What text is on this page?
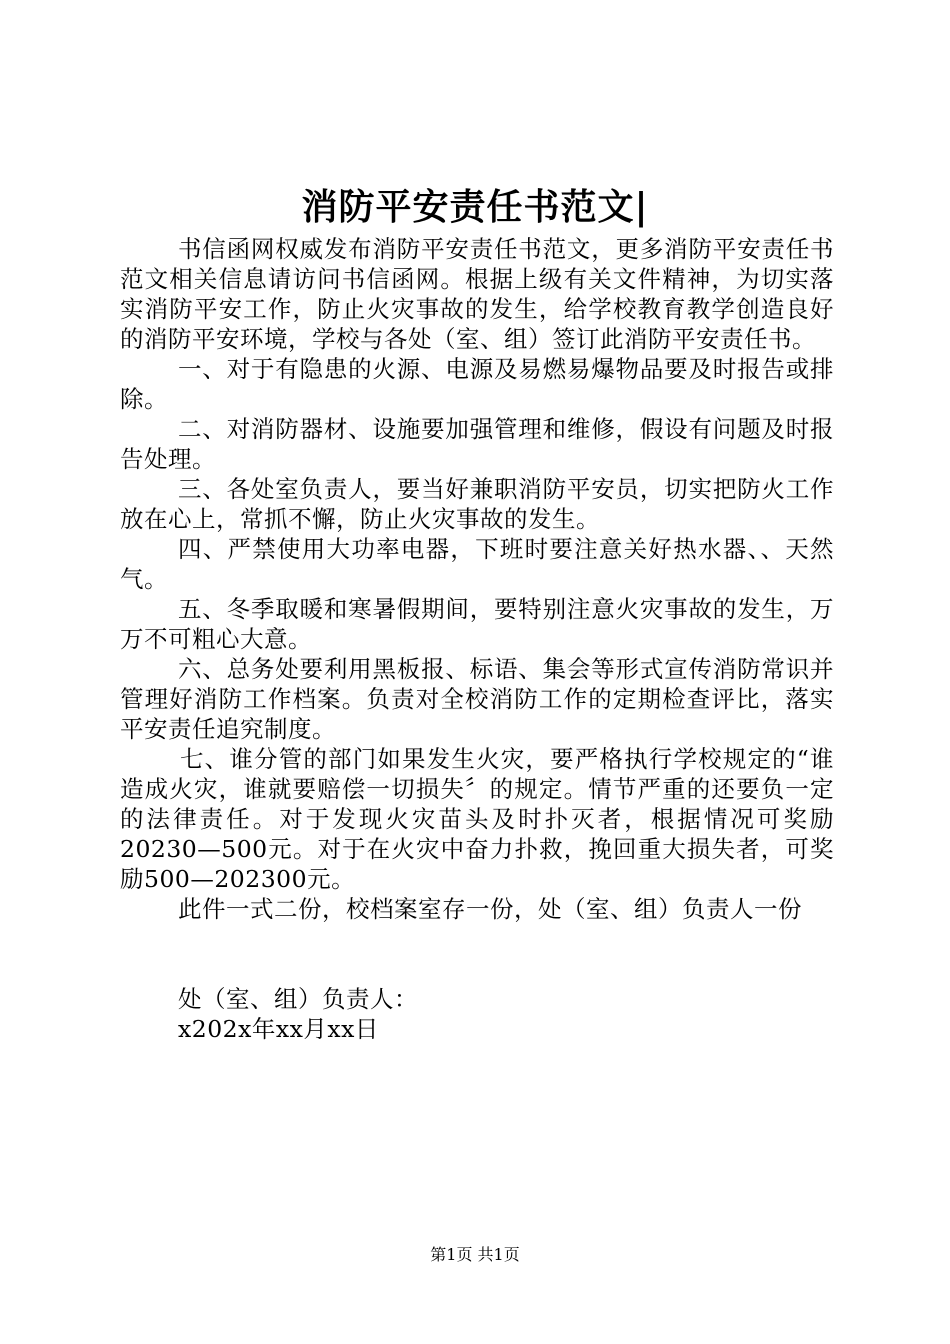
消防平安责任书范文|

书信函网权威发布消防平安责任书范文，更多消防平安责任书范文相关信息请访问书信函网。根据上级有关文件精神，为切实落实消防平安工作，防止火灾事故的发生，给学校教育教学创造良好的消防平安环境，学校与各处（室、组）签订此消防平安责任书。

一、对于有隐患的火源、电源及易燃易爆物品要及时报告或排除。

二、对消防器材、设施要加强管理和维修，假设有问题及时报告处理。

三、各处室负责人，要当好兼职消防平安员，切实把防火工作放在心上，常抓不懈，防止火灾事故的发生。

四、严禁使用大功率电器，下班时要注意关好热水器、、天然气。

五、冬季取暖和寒暑假期间，要特别注意火灾事故的发生，万万不可粗心大意。

六、总务处要利用黑板报、标语、集会等形式宣传消防常识并管理好消防工作档案。负责对全校消防工作的定期检查评比，落实平安责任追究制度。

七、谁分管的部门如果发生火灾，要严格执行学校规定的“谁造成火灾，谁就要赔偿一切损失〞的规定。情节严重的还要负一定的法律责任。对于发现火灾苗头及时扑灭者，根据情况可奖励20230—500元。对于在火灾中奋力扑救，挽回重大损失者，可奖励500—202300元。

此件一式二份，校档案室存一份，处（室、组）负责人一份

处（室、组）负责人：

x202x年xx月xx日

第1页 共1页
